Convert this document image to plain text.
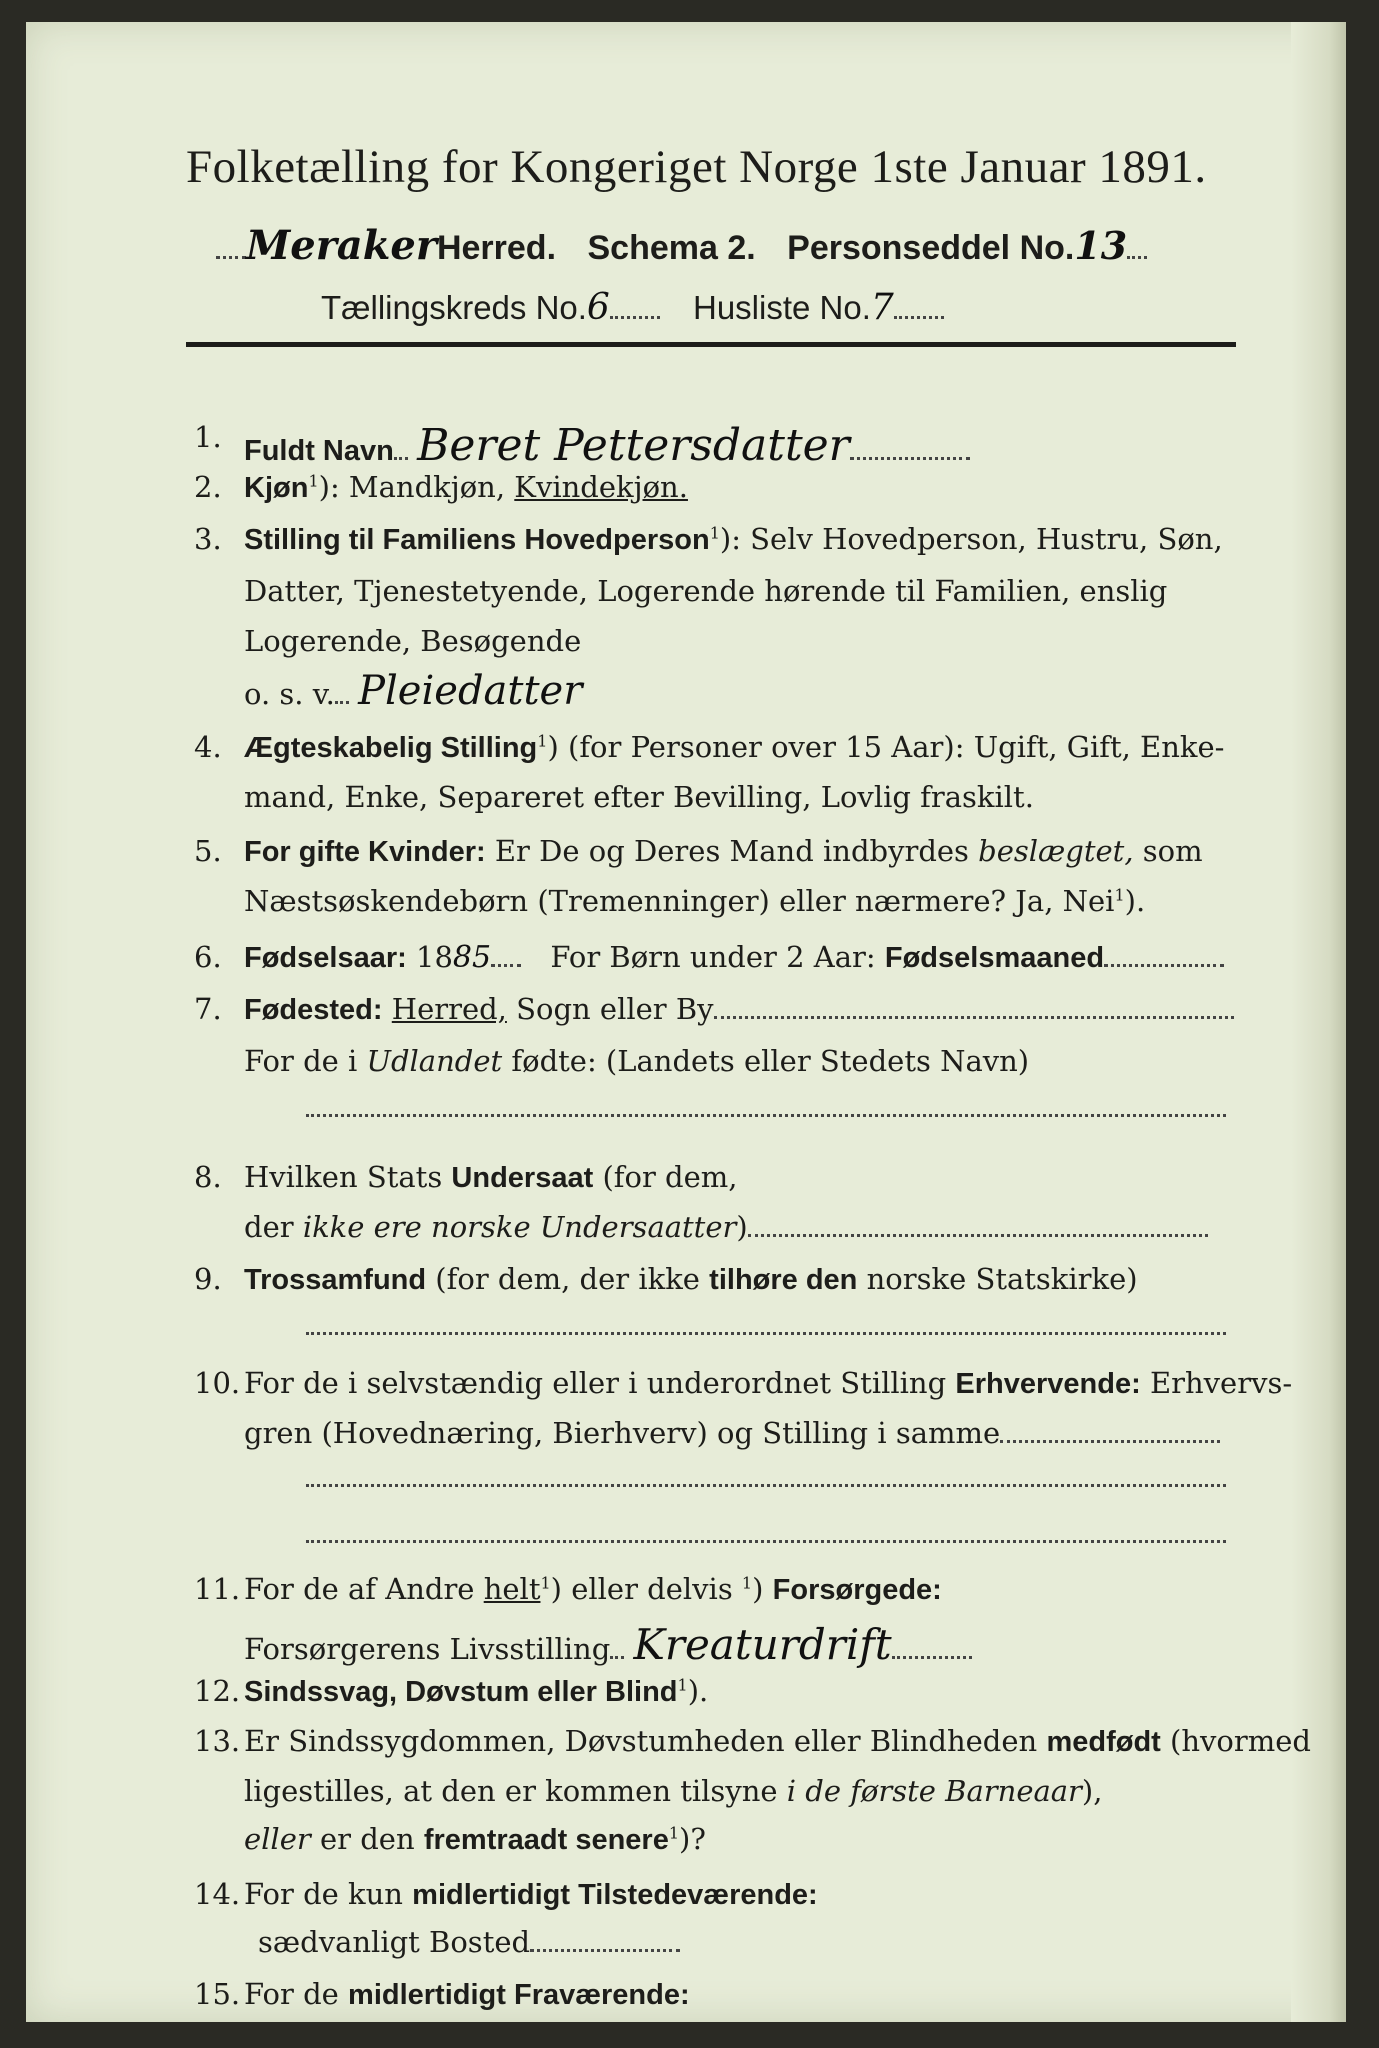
Folketælling for Kongeriget Norge 1ste Januar 1891.
MerakerHerred. Schema 2. Personseddel No.13
Tællingskreds No.6	Husliste No.7
1. Fuldt Navn Beret Pettersdatter
2. Kjøn$^1$): Mandkjøn, Kvindekjøn.
3. Stilling til Familiens Hovedperson$^1$): Selv Hovedperson, Hustru, Søn,
Datter, Tjenestetyende, Logerende hørende til Familien, enslig
Logerende, Besøgende
o. s. v. Pleiedatter
4. Ægteskabelig Stilling$^1$) (for Personer over 15 Aar): Ugift, Gift, Enke-
mand, Enke, Separeret efter Bevilling, Lovlig fraskilt.
5. For gifte Kvinder: Er De og Deres Mand indbyrdes beslægtet, som
Næstsøskendebørn (Tremenninger) eller nærmere? Ja, Nei$^1$).
6. Fødselsaar: 1885 For Børn under 2 Aar: Fødselsmaaned
7. Fødested: Herred, Sogn eller By
For de i Udlandet fødte: (Landets eller Stedets Navn)
8. Hvilken Stats Undersaat (for dem,
der ikke ere norske Undersaatter)
9. Trossamfund (for dem, der ikke tilhøre den norske Statskirke)
10. For de i selvstændig eller i underordnet Stilling Erhvervende: Erhvervs-
gren (Hovednæring, Bierhverv) og Stilling i samme
11. For de af Andre helt$^1$) eller delvis $^1$) Forsørgede:
Forsørgerens Livsstilling Kreaturdrift
12. Sindssvag, Døvstum eller Blind$^1$).
13. Er Sindssygdommen, Døvstumheden eller Blindheden medfødt (hvormed
ligestilles, at den er kommen tilsyne i de første Barneaar),
eller er den fremtraadt senere$^1$)?
14. For de kun midlertidigt Tilstedeværende:
sædvanligt Bosted
15. For de midlertidigt Fraværende:
